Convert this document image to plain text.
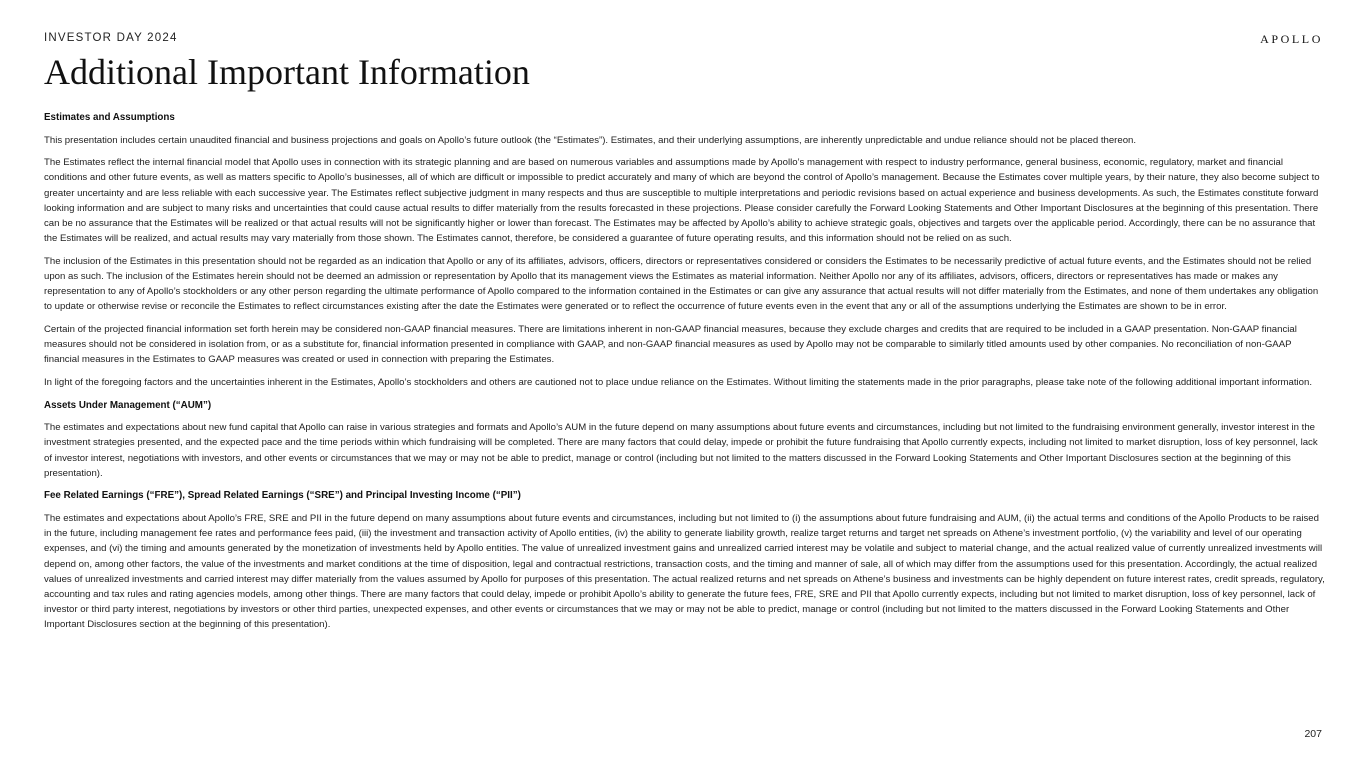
INVESTOR DAY 2024	APOLLO
Additional Important Information
Estimates and Assumptions

This presentation includes certain unaudited financial and business projections and goals on Apollo’s future outlook (the “Estimates”). Estimates, and their underlying assumptions, are inherently unpredictable and undue reliance should not be placed thereon.

The Estimates reflect the internal financial model that Apollo uses in connection with its strategic planning and are based on numerous variables and assumptions made by Apollo’s management with respect to industry performance, general business, economic, regulatory, market and financial conditions and other future events, as well as matters specific to Apollo’s businesses, all of which are difficult or impossible to predict accurately and many of which are beyond the control of Apollo’s management. Because the Estimates cover multiple years, by their nature, they also become subject to greater uncertainty and are less reliable with each successive year. The Estimates reflect subjective judgment in many respects and thus are susceptible to multiple interpretations and periodic revisions based on actual experience and business developments. As such, the Estimates constitute forward looking information and are subject to many risks and uncertainties that could cause actual results to differ materially from the results forecasted in these projections. Please consider carefully the Forward Looking Statements and Other Important Disclosures at the beginning of this presentation. There can be no assurance that the Estimates will be realized or that actual results will not be significantly higher or lower than forecast. The Estimates may be affected by Apollo’s ability to achieve strategic goals, objectives and targets over the applicable period. Accordingly, there can be no assurance that the Estimates will be realized, and actual results may vary materially from those shown. The Estimates cannot, therefore, be considered a guarantee of future operating results, and this information should not be relied on as such.

The inclusion of the Estimates in this presentation should not be regarded as an indication that Apollo or any of its affiliates, advisors, officers, directors or representatives considered or considers the Estimates to be necessarily predictive of actual future events, and the Estimates should not be relied upon as such. The inclusion of the Estimates herein should not be deemed an admission or representation by Apollo that its management views the Estimates as material information. Neither Apollo nor any of its affiliates, advisors, officers, directors or representatives has made or makes any representation to any of Apollo’s stockholders or any other person regarding the ultimate performance of Apollo compared to the information contained in the Estimates or can give any assurance that actual results will not differ materially from the Estimates, and none of them undertakes any obligation to update or otherwise revise or reconcile the Estimates to reflect circumstances existing after the date the Estimates were generated or to reflect the occurrence of future events even in the event that any or all of the assumptions underlying the Estimates are shown to be in error.

Certain of the projected financial information set forth herein may be considered non-GAAP financial measures. There are limitations inherent in non-GAAP financial measures, because they exclude charges and credits that are required to be included in a GAAP presentation. Non-GAAP financial measures should not be considered in isolation from, or as a substitute for, financial information presented in compliance with GAAP, and non-GAAP financial measures as used by Apollo may not be comparable to similarly titled amounts used by other companies. No reconciliation of non-GAAP financial measures in the Estimates to GAAP measures was created or used in connection with preparing the Estimates.

In light of the foregoing factors and the uncertainties inherent in the Estimates, Apollo’s stockholders and others are cautioned not to place undue reliance on the Estimates. Without limiting the statements made in the prior paragraphs, please take note of the following additional important information.

Assets Under Management (“AUM”)

The estimates and expectations about new fund capital that Apollo can raise in various strategies and formats and Apollo’s AUM in the future depend on many assumptions about future events and circumstances, including but not limited to the fundraising environment generally, investor interest in the investment strategies presented, and the expected pace and the time periods within which fundraising will be completed. There are many factors that could delay, impede or prohibit the future fundraising that Apollo currently expects, including not limited to market disruption, loss of key personnel, lack of investor interest, negotiations with investors, and other events or circumstances that we may or may not be able to predict, manage or control (including but not limited to the matters discussed in the Forward Looking Statements and Other Important Disclosures section at the beginning of this presentation).

Fee Related Earnings (“FRE”), Spread Related Earnings (“SRE”) and Principal Investing Income (“PII”)

The estimates and expectations about Apollo’s FRE, SRE and PII in the future depend on many assumptions about future events and circumstances, including but not limited to (i) the assumptions about future fundraising and AUM, (ii) the actual terms and conditions of the Apollo Products to be raised in the future, including management fee rates and performance fees paid, (iii) the investment and transaction activity of Apollo entities, (iv) the ability to generate liability growth, realize target returns and target net spreads on Athene’s investment portfolio, (v) the variability and level of our operating expenses, and (vi) the timing and amounts generated by the monetization of investments held by Apollo entities. The value of unrealized investment gains and unrealized carried interest may be volatile and subject to material change, and the actual realized value of currently unrealized investments will depend on, among other factors, the value of the investments and market conditions at the time of disposition, legal and contractual restrictions, transaction costs, and the timing and manner of sale, all of which may differ from the assumptions used for this presentation. Accordingly, the actual realized values of unrealized investments and carried interest may differ materially from the values assumed by Apollo for purposes of this presentation. The actual realized returns and net spreads on Athene’s business and investments can be highly dependent on future interest rates, credit spreads, regulatory, accounting and tax rules and rating agencies models, among other things. There are many factors that could delay, impede or prohibit Apollo’s ability to generate the future fees, FRE, SRE and PII that Apollo currently expects, including but not limited to market disruption, loss of key personnel, lack of investor or third party interest, negotiations by investors or other third parties, unexpected expenses, and other events or circumstances that we may or may not be able to predict, manage or control (including but not limited to the matters discussed in the Forward Looking Statements and Other Important Disclosures section at the beginning of this presentation).

207
